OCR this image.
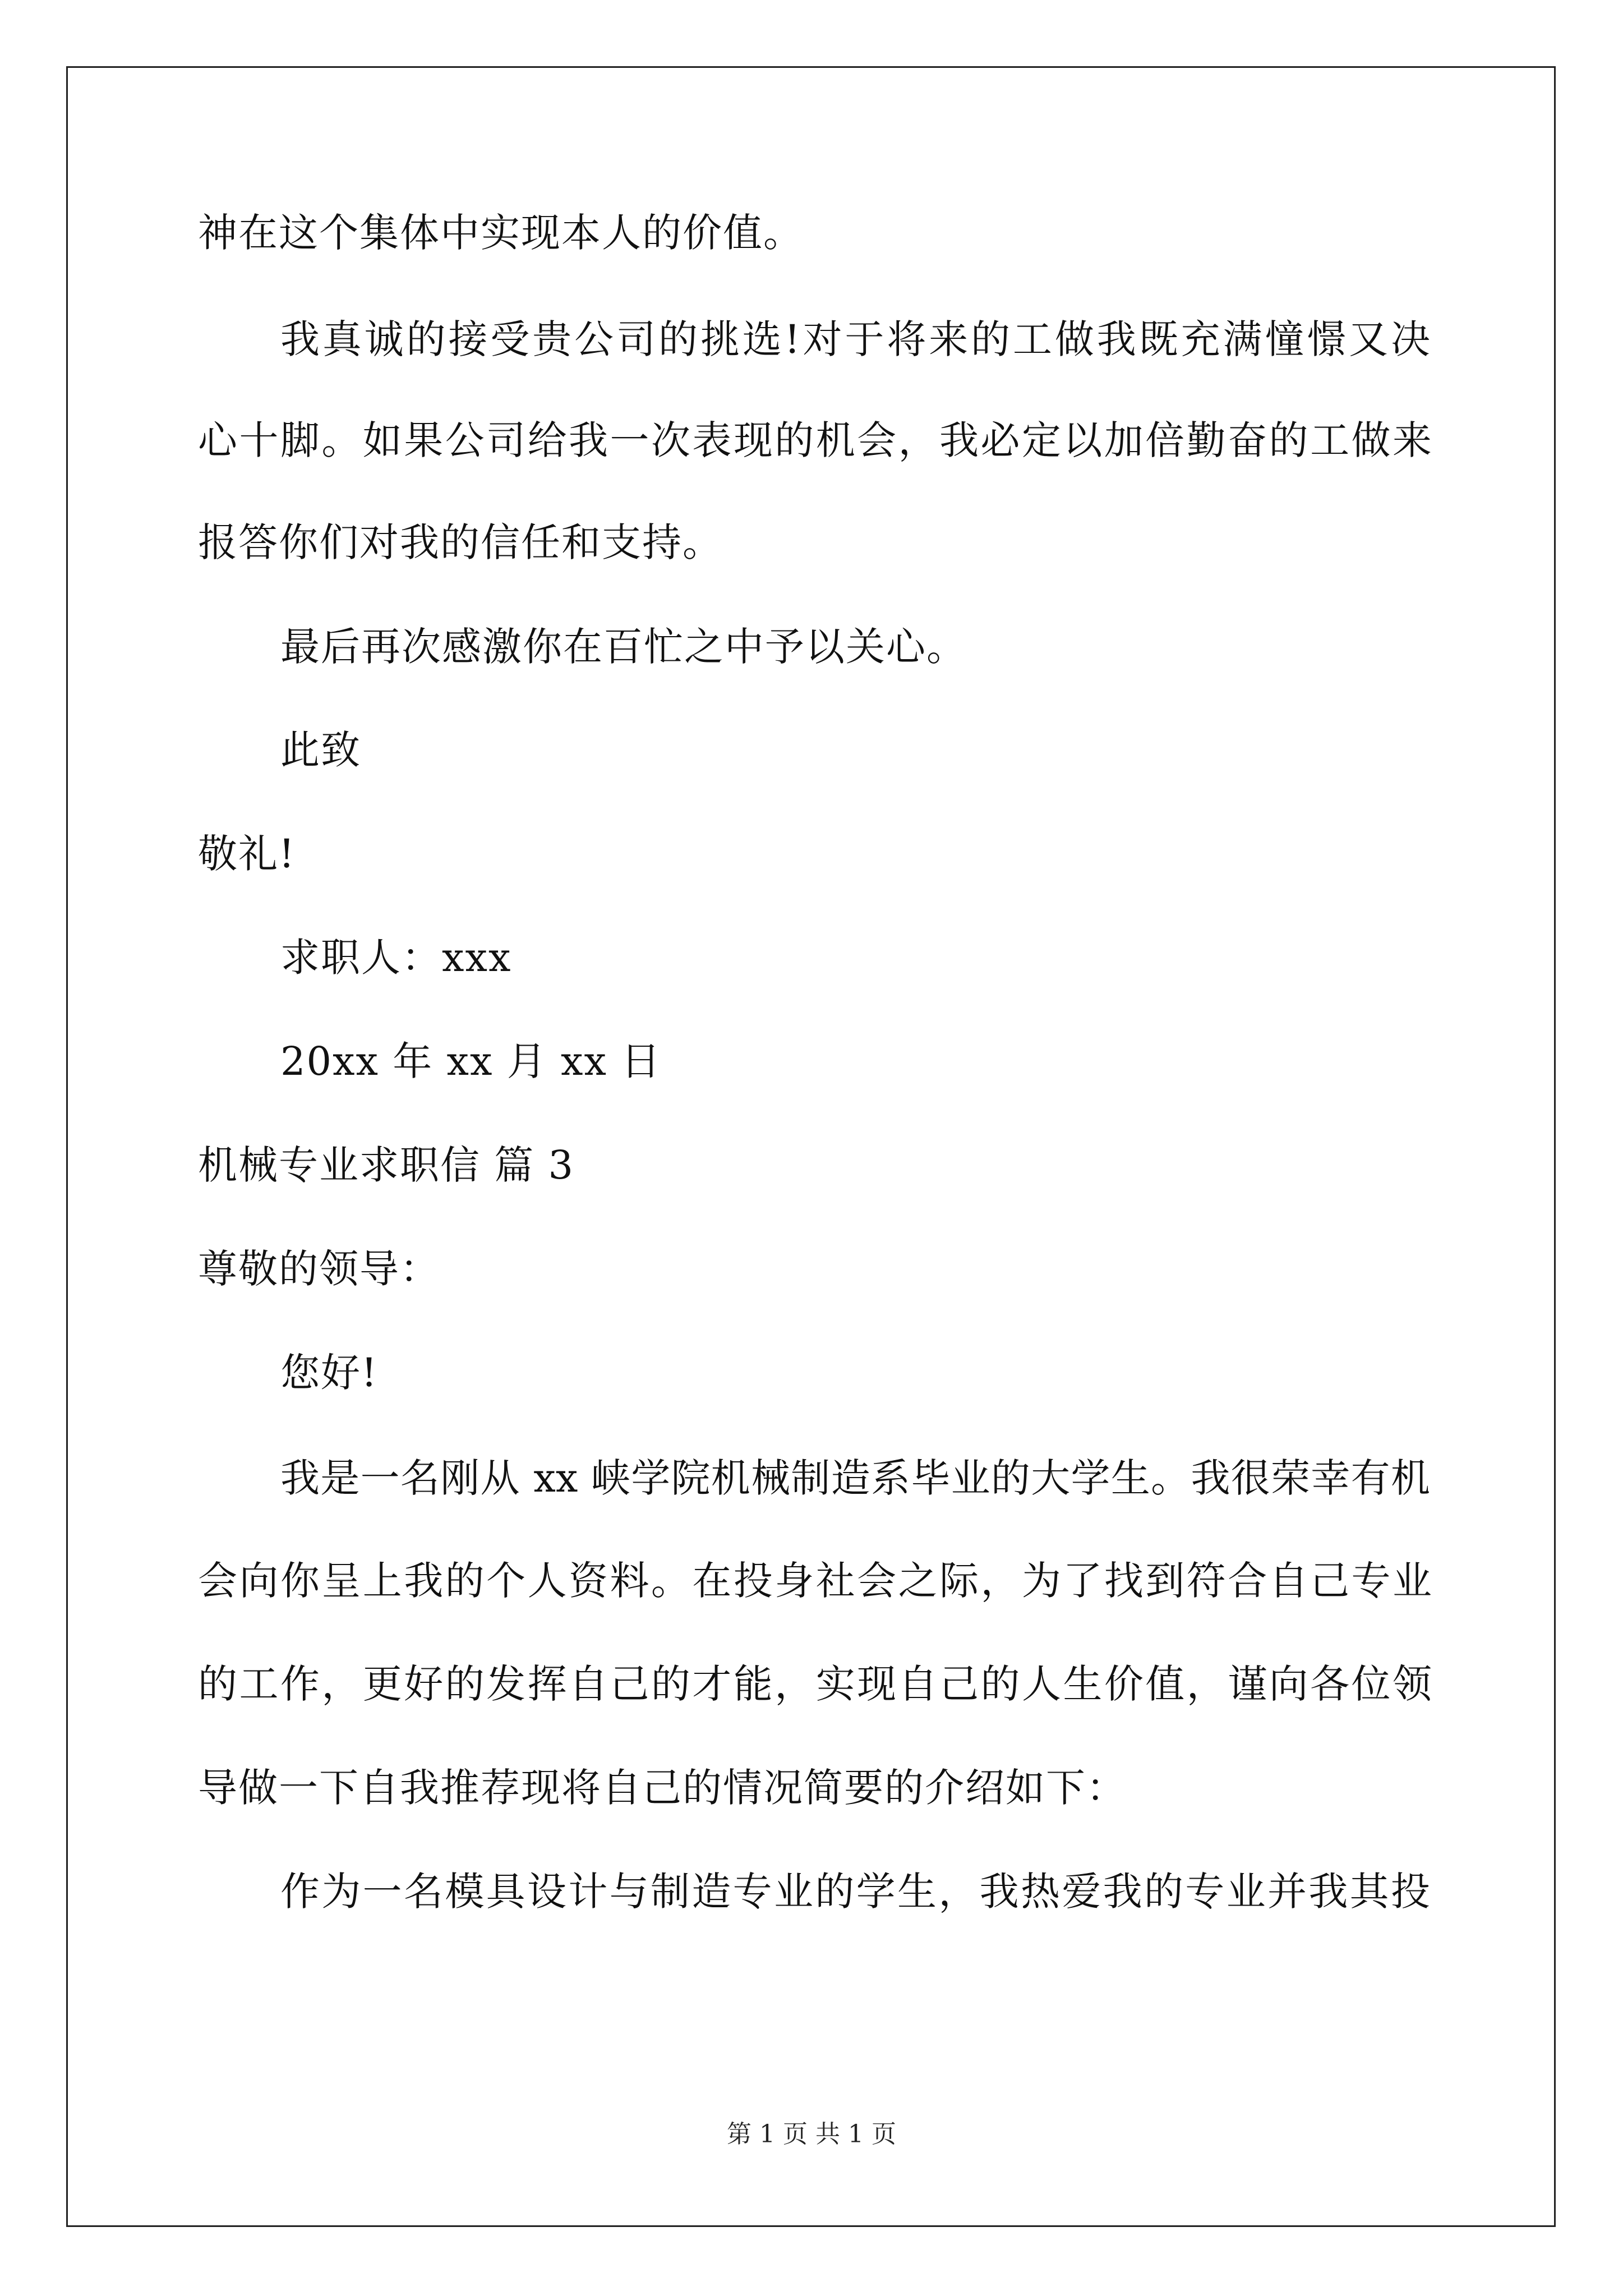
神在这个集体中实现本人的价值。
我真诚的接受贵公司的挑选!对于将来的工做我既充满憧憬又决
心十脚。如果公司给我一次表现的机会，我必定以加倍勤奋的工做来
报答你们对我的信任和支持。
最后再次感激你在百忙之中予以关心。
此致
敬礼!
求职人：xxx
20xx 年 xx 月 xx 日
机械专业求职信 篇 3
尊敬的领导：
您好!
我是一名刚从 xx 峡学院机械制造系毕业的大学生。我很荣幸有机
会向你呈上我的个人资料。在投身社会之际，为了找到符合自己专业
的工作，更好的发挥自己的才能，实现自己的人生价值，谨向各位领
导做一下自我推荐现将自己的情况简要的介绍如下：
作为一名模具设计与制造专业的学生，我热爱我的专业并我其投
第 1 页 共 1 页
